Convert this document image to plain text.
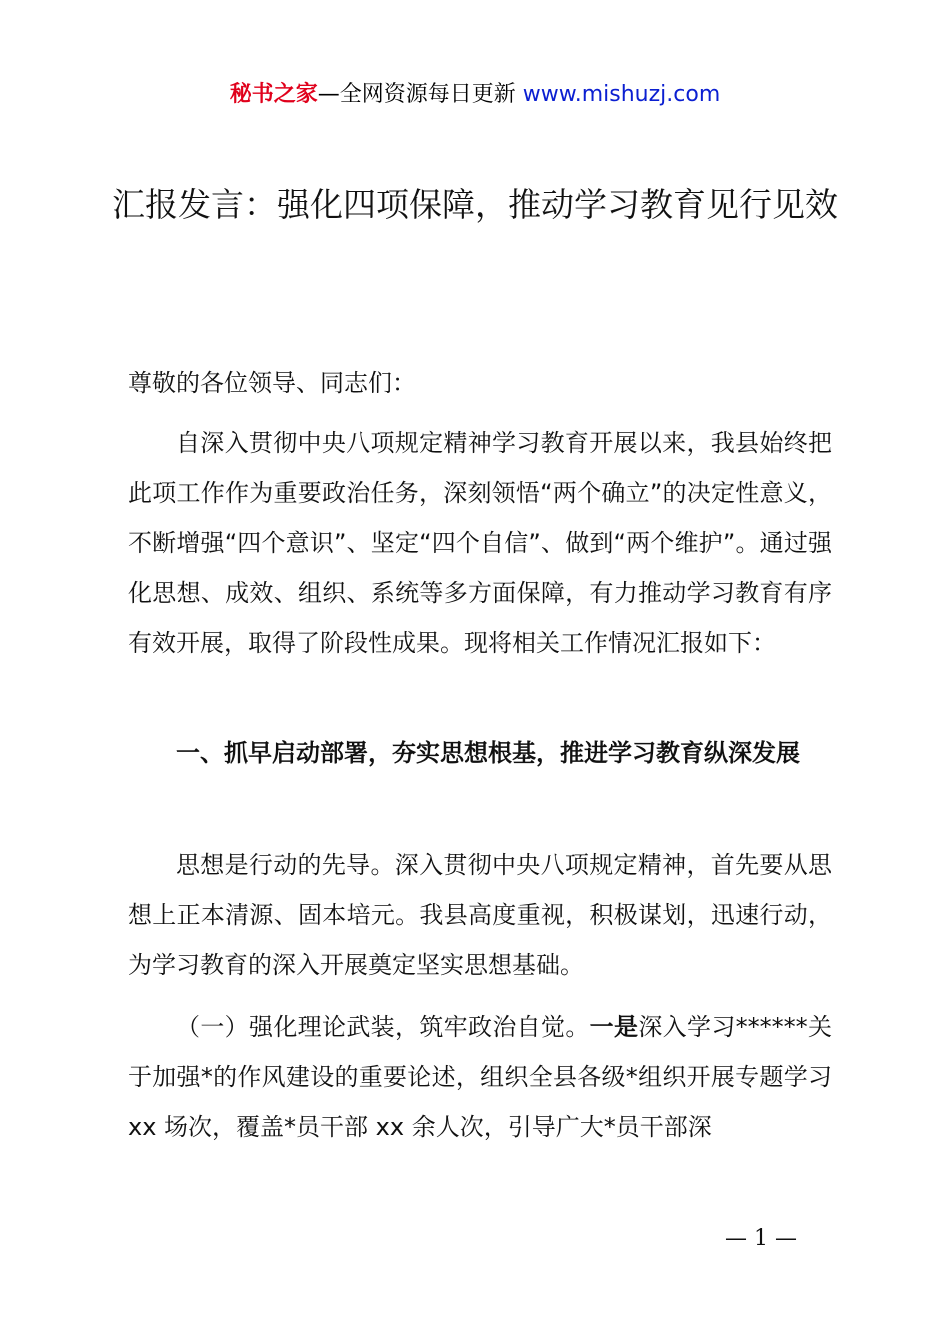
秘书之家—全网资源每日更新 www.mishuzj.com
汇报发言：强化四项保障，推动学习教育见行见效

尊敬的各位领导、同志们：

自深入贯彻中央八项规定精神学习教育开展以来，我县始终把此项工作作为重要政治任务，深刻领悟“两个确立”的决定性意义，不断增强“四个意识”、坚定“四个自信”、做到“两个维护”。通过强化思想、成效、组织、系统等多方面保障，有力推动学习教育有序有效开展，取得了阶段性成果。现将相关工作情况汇报如下：

一、抓早启动部署，夯实思想根基，推进学习教育纵深发展

思想是行动的先导。深入贯彻中央八项规定精神，首先要从思想上正本清源、固本培元。我县高度重视，积极谋划，迅速行动，为学习教育的深入开展奠定坚实思想基础。

（一）强化理论武装，筑牢政治自觉。一是深入学习******关于加强*的作风建设的重要论述，组织全县各级*组织开展专题学习 xx 场次，覆盖*员干部 xx 余人次，引导广大*员干部深

— 1 —
